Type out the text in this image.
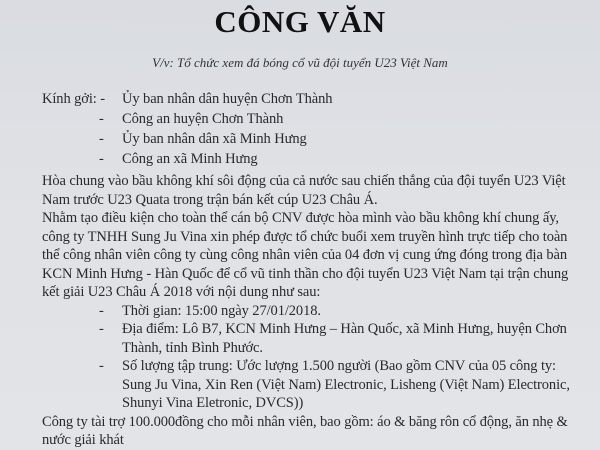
CÔNG VĂN
V/v: Tổ chức xem đá bóng cổ vũ đội tuyển U23 Việt Nam
Kính gởi: -
-
-
-
Ủy ban nhân dân huyện Chơn Thành
Công an huyện Chơn Thành
Ủy ban nhân dân xã Minh Hưng
Công an xã Minh Hưng
Hòa chung vào bầu không khí sôi động của cả nước sau chiến thắng của đội tuyển U23 Việt
Nam trước U23 Quata trong trận bán kết cúp U23 Châu Á.
Nhằm tạo điều kiện cho toàn thể cán bộ CNV được hòa mình vào bầu không khí chung ấy,
công ty TNHH Sung Ju Vina xin phép được tổ chức buổi xem truyền hình trực tiếp cho toàn
thể công nhân viên công ty cùng công nhân viên của 04 đơn vị cung ứng đóng trong địa bàn
KCN Minh Hưng - Hàn Quốc để cổ vũ tinh thần cho đội tuyển U23 Việt Nam tại trận chung
kết giải U23 Châu Á 2018 với nội dung như sau:
- Thời gian: 15:00 ngày 27/01/2018.
- Địa điểm: Lô B7, KCN Minh Hưng – Hàn Quốc, xã Minh Hưng, huyện Chơn
Thành, tỉnh Bình Phước.
- Số lượng tập trung: Ước lượng 1.500 người (Bao gồm CNV của 05 công ty:
Sung Ju Vina, Xin Ren (Việt Nam) Electronic, Lisheng (Việt Nam) Electronic,
Shunyi Vina Eletronic, DVCS))
Công ty tài trợ 100.000đồng cho mỗi nhân viên, bao gồm: áo & băng rôn cổ động, ăn nhẹ &
nước giải khát
